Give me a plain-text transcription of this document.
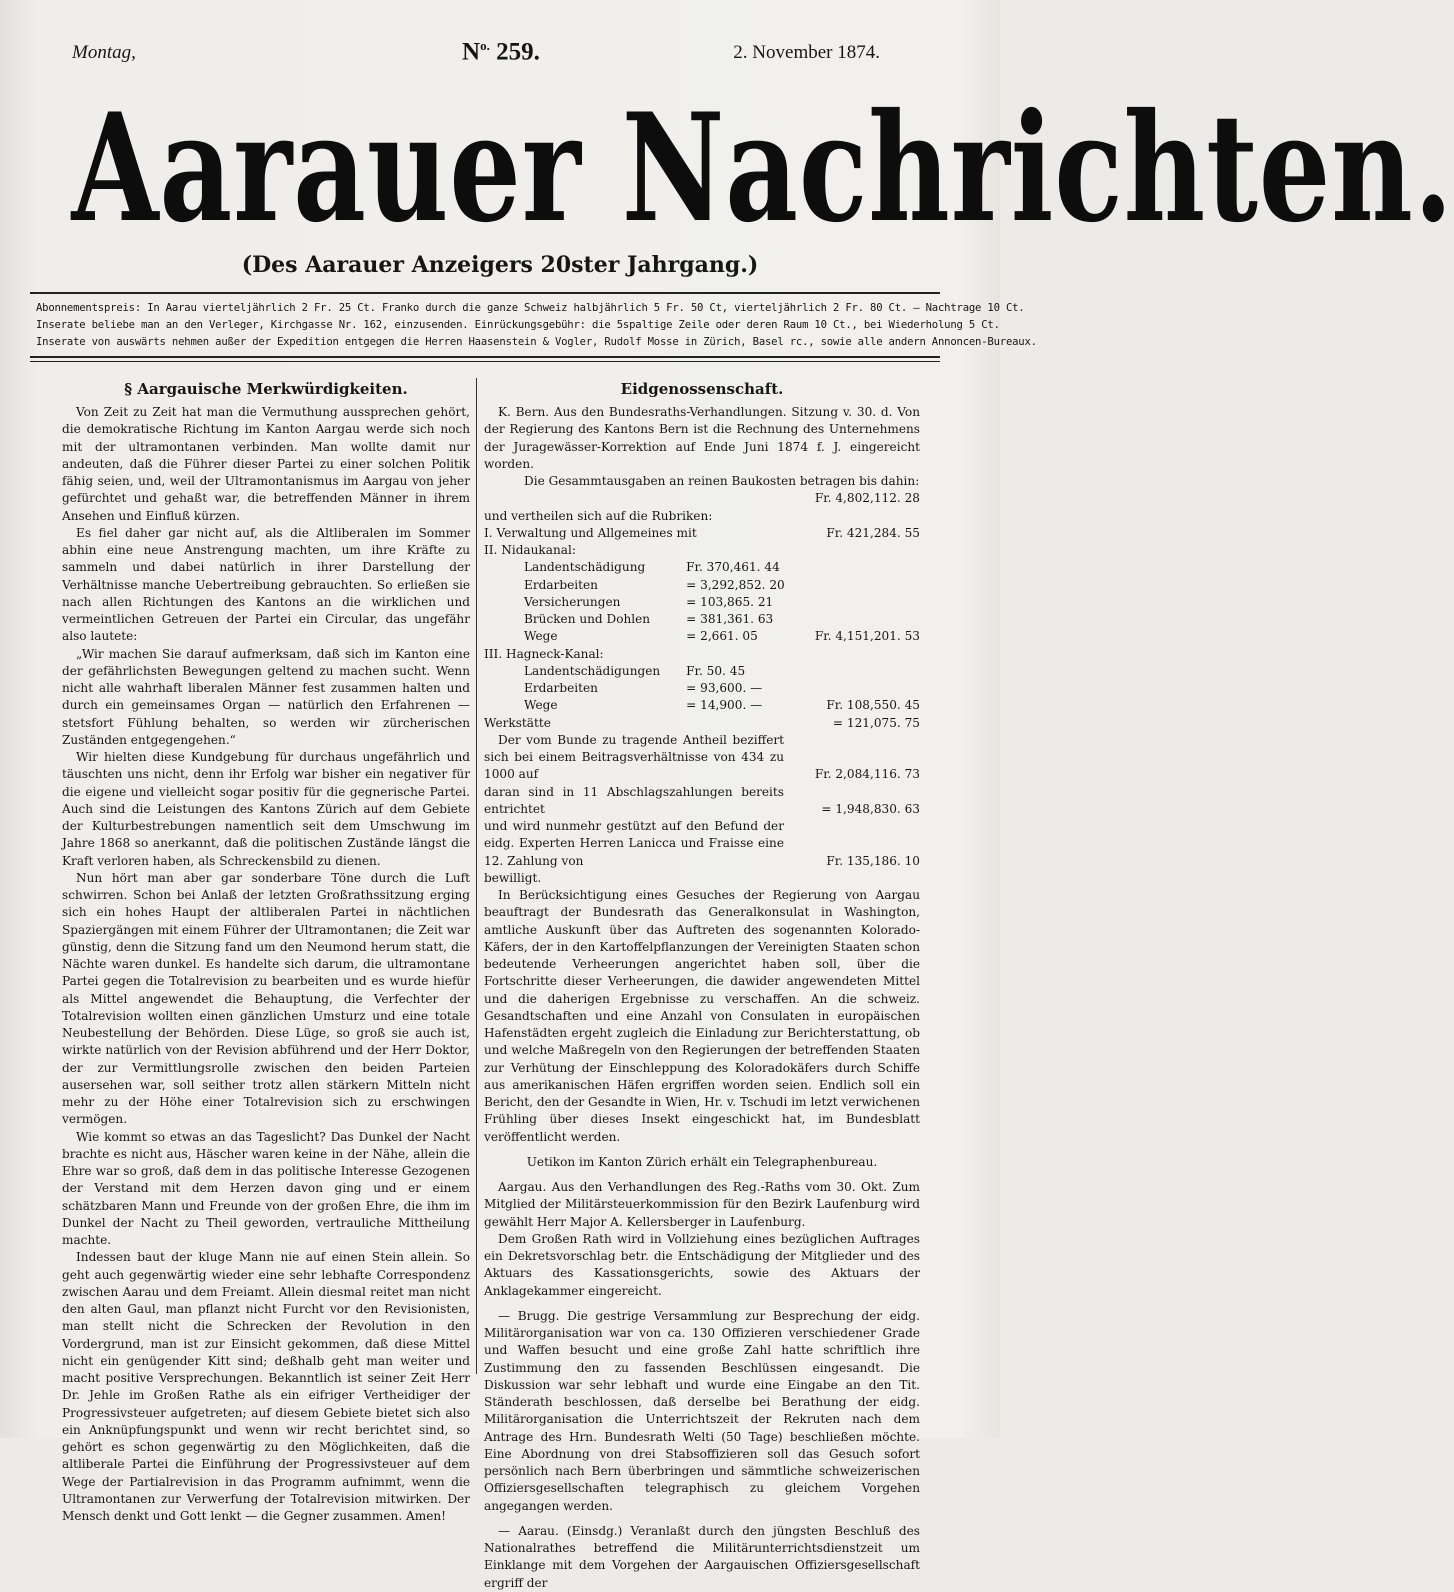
Montag,	$N^{o.}$ 259.	2. November 1874.
Aarauer Nachrichten.
(Des Aarauer Anzeigers 20ster Jahrgang.)

Abonnementspreis: In Aarau vierteljährlich 2 Fr. 25 Ct. Franko durch die ganze Schweiz halbjährlich 5 Fr. 50 Ct, vierteljährlich 2 Fr. 80 Ct. — Nachtrage 10 Ct.

Inserate beliebe man an den Verleger, Kirchgasse Nr. 162, einzusenden. Einrückungsgebühr: die 5spaltige Zeile oder deren Raum 10 Ct., bei Wiederholung 5 Ct.

Inserate von auswärts nehmen außer der Expedition entgegen die Herren Haasenstein & Vogler, Rudolf Mosse in Zürich, Basel rc., sowie alle andern Annoncen-Bureaux.

§ Aargauische Merkwürdigkeiten.

Von Zeit zu Zeit hat man die Vermuthung aussprechen gehört, die demokratische Richtung im Kanton Aargau werde sich noch mit der ultramontanen verbinden. Man wollte damit nur andeuten, daß die Führer dieser Partei zu einer solchen Politik fähig seien, und, weil der Ultramontanismus im Aargau von jeher gefürchtet und gehaßt war, die betreffenden Männer in ihrem Ansehen und Einfluß kürzen.

Es fiel daher gar nicht auf, als die Altliberalen im Sommer abhin eine neue Anstrengung machten, um ihre Kräfte zu sammeln und dabei natürlich in ihrer Darstellung der Verhältnisse manche Uebertreibung gebrauchten. So erließen sie nach allen Richtungen des Kantons an die wirklichen und vermeintlichen Getreuen der Partei ein Circular, das ungefähr also lautete:

„Wir machen Sie darauf aufmerksam, daß sich im Kanton eine der gefährlichsten Bewegungen geltend zu machen sucht. Wenn nicht alle wahrhaft liberalen Männer fest zusammen halten und durch ein gemeinsames Organ — natürlich den Erfahrenen — stetsfort Fühlung behalten, so werden wir zürcherischen Zuständen entgegengehen.“

Wir hielten diese Kundgebung für durchaus ungefährlich und täuschten uns nicht, denn ihr Erfolg war bisher ein negativer für die eigene und vielleicht sogar positiv für die gegnerische Partei. Auch sind die Leistungen des Kantons Zürich auf dem Gebiete der Kulturbestrebungen namentlich seit dem Umschwung im Jahre 1868 so anerkannt, daß die politischen Zustände längst die Kraft verloren haben, als Schreckensbild zu dienen.

Nun hört man aber gar sonderbare Töne durch die Luft schwirren. Schon bei Anlaß der letzten Großrathssitzung erging sich ein hohes Haupt der altliberalen Partei in nächtlichen Spaziergängen mit einem Führer der Ultramontanen; die Zeit war günstig, denn die Sitzung fand um den Neumond herum statt, die Nächte waren dunkel. Es handelte sich darum, die ultramontane Partei gegen die Totalrevision zu bearbeiten und es wurde hiefür als Mittel angewendet die Behauptung, die Verfechter der Totalrevision wollten einen gänzlichen Umsturz und eine totale Neubestellung der Behörden. Diese Lüge, so groß sie auch ist, wirkte natürlich von der Revision abführend und der Herr Doktor, der zur Vermittlungsrolle zwischen den beiden Parteien ausersehen war, soll seither trotz allen stärkern Mitteln nicht mehr zu der Höhe einer Totalrevision sich zu erschwingen vermögen.

Wie kommt so etwas an das Tageslicht? Das Dunkel der Nacht brachte es nicht aus, Häscher waren keine in der Nähe, allein die Ehre war so groß, daß dem in das politische Interesse Gezogenen der Verstand mit dem Herzen davon ging und er einem schätzbaren Mann und Freunde von der großen Ehre, die ihm im Dunkel der Nacht zu Theil geworden, vertrauliche Mittheilung machte.

Indessen baut der kluge Mann nie auf einen Stein allein. So geht auch gegenwärtig wieder eine sehr lebhafte Correspondenz zwischen Aarau und dem Freiamt. Allein diesmal reitet man nicht den alten Gaul, man pflanzt nicht Furcht vor den Revisionisten, man stellt nicht die Schrecken der Revolution in den Vordergrund, man ist zur Einsicht gekommen, daß diese Mittel nicht ein genügender Kitt sind; deßhalb geht man weiter und macht positive Versprechungen. Bekanntlich ist seiner Zeit Herr Dr. Jehle im Großen Rathe als ein eifriger Vertheidiger der Progressivsteuer aufgetreten; auf diesem Gebiete bietet sich also ein Anknüpfungspunkt und wenn wir recht berichtet sind, so gehört es schon gegenwärtig zu den Möglichkeiten, daß die altliberale Partei die Einführung der Progressivsteuer auf dem Wege der Partialrevision in das Programm aufnimmt, wenn die Ultramontanen zur Verwerfung der Totalrevision mitwirken. Der Mensch denkt und Gott lenkt — die Gegner zusammen. Amen!

Eidgenossenschaft.

K. Bern. Aus den Bundesraths-Verhandlungen. Sitzung v. 30. d. Von der Regierung des Kantons Bern ist die Rechnung des Unternehmens der Juragewässer-Korrektion auf Ende Juni 1874 f. J. eingereicht worden.

Die Gesammtausgaben an reinen Baukosten betragen bis dahin:		
		Fr. 4,802,112. 28
und vertheilen sich auf die Rubriken:		
I. Verwaltung und Allgemeines mit		Fr. 421,284. 55
II. Nidaukanal:		
Landentschädigung	Fr. 370,461. 44	
Erdarbeiten	= 3,292,852. 20	
Versicherungen	= 103,865. 21	
Brücken und Dohlen	= 381,361. 63	
Wege	= 2,661. 05	Fr. 4,151,201. 53
III. Hagneck-Kanal:		
Landentschädigungen	Fr. 50. 45	
Erdarbeiten	= 93,600. —	
Wege	= 14,900. —	Fr. 108,550. 45
Werkstätte		= 121,075. 75
Der vom Bunde zu tragende Antheil beziffert sich bei einem Beitragsverhältnisse von 434 zu 1000 auf	Fr. 2,084,116. 73
daran sind in 11 Abschlagszahlungen bereits entrichtet	= 1,948,830. 63
und wird nunmehr gestützt auf den Befund der eidg. Experten Herren Lanicca und Fraisse eine 12. Zahlung von	Fr. 135,186. 10

bewilligt.

In Berücksichtigung eines Gesuches der Regierung von Aargau beauftragt der Bundesrath das Generalkonsulat in Washington, amtliche Auskunft über das Auftreten des sogenannten Kolorado-Käfers, der in den Kartoffelpflanzungen der Vereinigten Staaten schon bedeutende Verheerungen angerichtet haben soll, über die Fortschritte dieser Verheerungen, die dawider angewendeten Mittel und die daherigen Ergebnisse zu verschaffen. An die schweiz. Gesandtschaften und eine Anzahl von Consulaten in europäischen Hafenstädten ergeht zugleich die Einladung zur Berichterstattung, ob und welche Maßregeln von den Regierungen der betreffenden Staaten zur Verhütung der Einschleppung des Koloradokäfers durch Schiffe aus amerikanischen Häfen ergriffen worden seien. Endlich soll ein Bericht, den der Gesandte in Wien, Hr. v. Tschudi im letzt verwichenen Frühling über dieses Insekt eingeschickt hat, im Bundesblatt veröffentlicht werden.

Uetikon im Kanton Zürich erhält ein Telegraphenbureau.

Aargau. Aus den Verhandlungen des Reg.-Raths vom 30. Okt. Zum Mitglied der Militärsteuerkommission für den Bezirk Laufenburg wird gewählt Herr Major A. Kellersberger in Laufenburg.

Dem Großen Rath wird in Vollziehung eines bezüglichen Auftrages ein Dekretsvorschlag betr. die Entschädigung der Mitglieder und des Aktuars des Kassationsgerichts, sowie des Aktuars der Anklagekammer eingereicht.

— Brugg. Die gestrige Versammlung zur Besprechung der eidg. Militärorganisation war von ca. 130 Offizieren verschiedener Grade und Waffen besucht und eine große Zahl hatte schriftlich ihre Zustimmung den zu fassenden Beschlüssen eingesandt. Die Diskussion war sehr lebhaft und wurde eine Eingabe an den Tit. Ständerath beschlossen, daß derselbe bei Berathung der eidg. Militärorganisation die Unterrichtszeit der Rekruten nach dem Antrage des Hrn. Bundesrath Welti (50 Tage) beschließen möchte. Eine Abordnung von drei Stabsoffizieren soll das Gesuch sofort persönlich nach Bern überbringen und sämmtliche schweizerischen Offiziersgesellschaften telegraphisch zu gleichem Vorgehen angegangen werden.

— Aarau. (Einsdg.) Veranlaßt durch den jüngsten Beschluß des Nationalrathes betreffend die Militärunterrichtsdienstzeit um Einklange mit dem Vorgehen der Aargauischen Offiziersgesellschaft ergriff der
